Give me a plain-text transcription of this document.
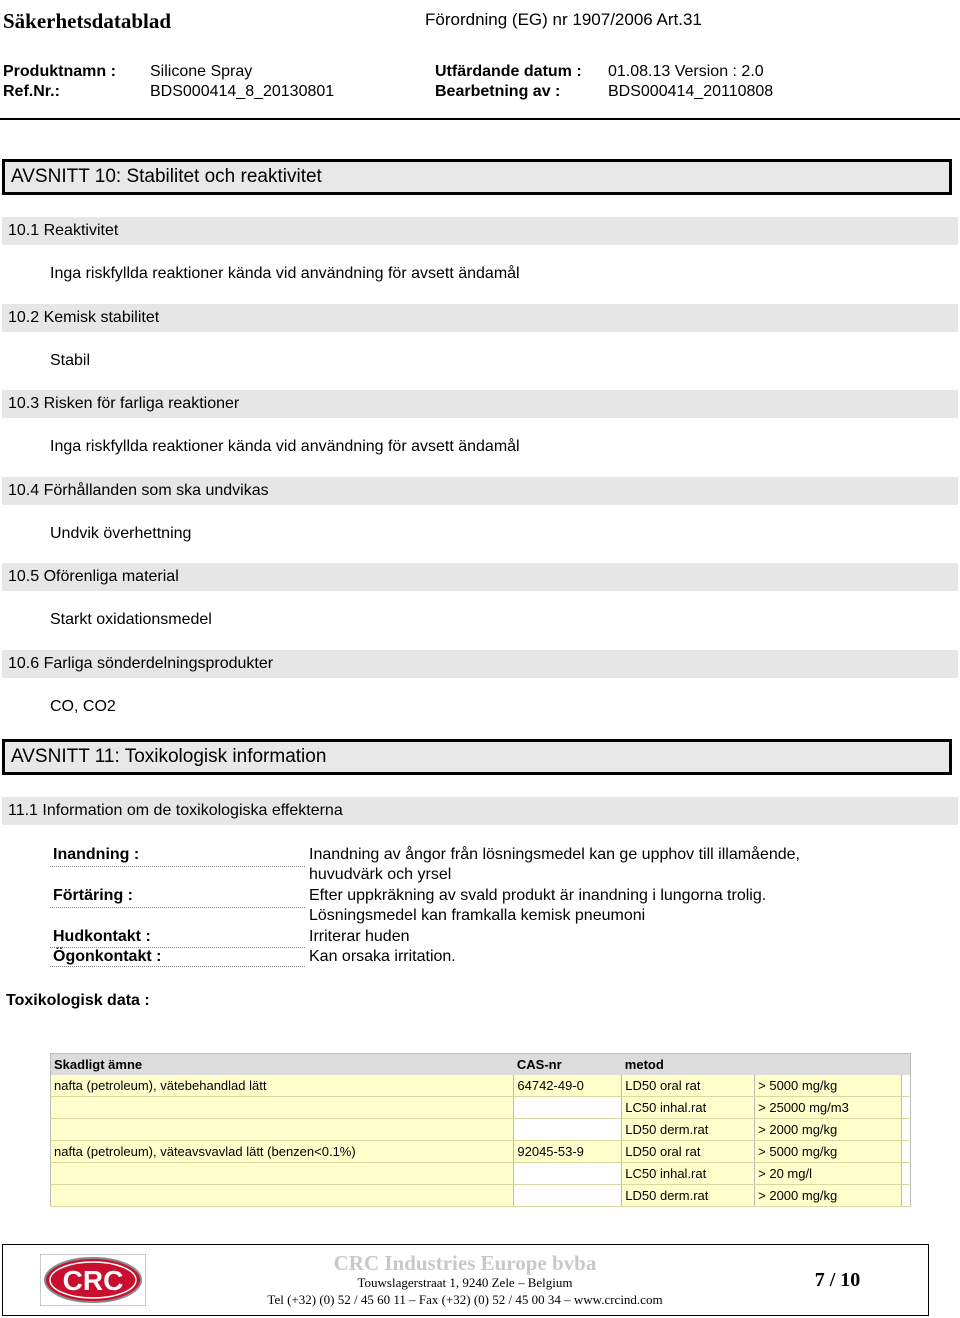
Säkerhetsdatablad	Förordning (EG) nr 1907/2006 Art.31
Produktnamn : Silicone Spray	Utfärdande datum : 01.08.13 Version : 2.0
Ref.Nr.:	BDS000414_8_20130801	Bearbetning av :	BDS000414_20110808
AVSNITT 10: Stabilitet och reaktivitet
10.1 Reaktivitet
Inga riskfyllda reaktioner kända vid användning för avsett ändamål
10.2 Kemisk stabilitet
Stabil
10.3 Risken för farliga reaktioner
Inga riskfyllda reaktioner kända vid användning för avsett ändamål
10.4 Förhållanden som ska undvikas
Undvik överhettning
10.5 Oförenliga material
Starkt oxidationsmedel
10.6 Farliga sönderdelningsprodukter
CO, CO2
AVSNITT 11: Toxikologisk information
11.1 Information om de toxikologiska effekterna
Inandning :	Inandning av ångor från lösningsmedel kan ge upphov till illamående,
huvudvärk och yrsel
Förtäring :	Efter uppkräkning av svald produkt är inandning i lungorna trolig.
Lösningsmedel kan framkalla kemisk pneumoni
Hudkontakt :	Irriterar huden
Ögonkontakt :	Kan orsaka irritation.
Toxikologisk data :
Skadligt ämne	CAS-nr	metod		
nafta (petroleum), vätebehandlad lätt	64742-49-0	LD50 oral rat	> 5000 mg/kg	
		LC50 inhal.rat	> 25000 mg/m3	
		LD50 derm.rat	> 2000 mg/kg	
nafta (petroleum), väteavsvavlad lätt (benzen<0.1%)	92045-53-9	LD50 oral rat	> 5000 mg/kg	
		LC50 inhal.rat	> 20 mg/l	
		LD50 derm.rat	> 2000 mg/kg	
CRC
CRC Industries Europe bvba
Touwslagerstraat 1, 9240 Zele – Belgium
Tel (+32) (0) 52 / 45 60 11 – Fax (+32) (0) 52 / 45 00 34 – www.crcind.com
7 / 10
